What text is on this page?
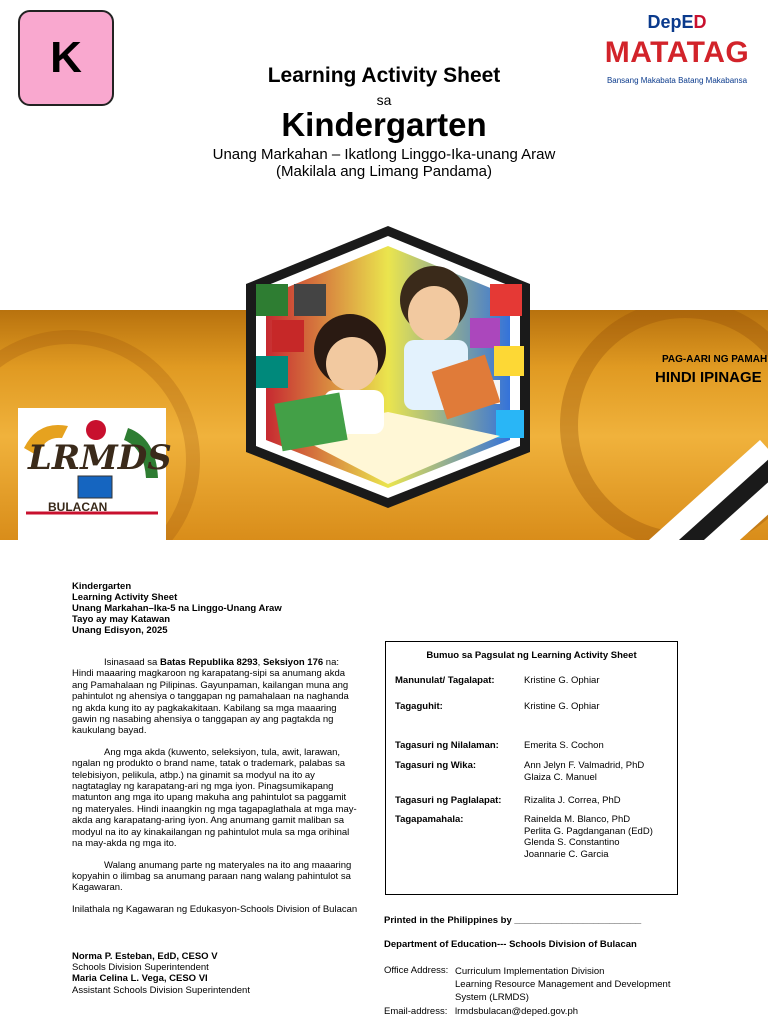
K	Learning Activity Sheet
sa
Kindergarten
Unang Markahan – Ikatlong Linggo-Ika-unang Araw
(Makilala ang Limang Pandama)
DepED
MATATAG
Bansang Makabata Batang Makabansa
PAG-AARI NG PAMAH
HINDI IPINAGE
LRMDS
BULACAN
Kindergarten
Learning Activity Sheet
Unang Markahan–Ika-5 na Linggo-Unang Araw
Tayo ay may Katawan
Unang Edisyon, 2025

Isinasaad sa Batas Republika 8293, Seksiyon 176 na: Hindi maaaring magkaroon ng karapatang-sipi sa anumang akda ang Pamahalaan ng Pilipinas. Gayunpaman, kailangan muna ang pahintulot ng ahensiya o tanggapan ng pamahalaan na naghanda ng akda kung ito ay pagkakakitaan. Kabilang sa mga maaaring gawin ng nasabing ahensiya o tanggapan ay ang pagtakda ng kaukulang bayad.

Ang mga akda (kuwento, seleksiyon, tula, awit, larawan, ngalan ng produkto o brand name, tatak o trademark, palabas sa telebisiyon, pelikula, atbp.) na ginamit sa modyul na ito ay nagtataglay ng karapatang-ari ng mga iyon. Pinagsumikapang matunton ang mga ito upang makuha ang pahintulot sa paggamit ng materyales. Hindi inaangkin ng mga tagapaglathala at mga may-akda ang karapatang-aring iyon. Ang anumang gamit maliban sa modyul na ito ay kinakailangan ng pahintulot mula sa mga orihinal na may-akda ng mga ito.

Walang anumang parte ng materyales na ito ang maaaring kopyahin o ilimbag sa anumang paraan nang walang pahintulot sa Kagawaran.

Inilathala ng Kagawaran ng Edukasyon-Schools Division of Bulacan

Norma P. Esteban, EdD, CESO V
Schools Division Superintendent
Maria Celina L. Vega, CESO VI
Assistant Schools Division Superintendent
Bumuo sa Pagsulat ng Learning Activity Sheet
Manunulat/ Tagalapat:	Kristine G. Ophiar
Tagaguhit:	Kristine G. Ophiar
Tagasuri ng Nilalaman:	Emerita S. Cochon
Tagasuri ng Wika:	Ann Jelyn F. Valmadrid, PhD
Glaiza C. Manuel
Tagasuri ng Paglalapat: Rizalita J. Correa, PhD
Tagapamahala:	Rainelda M. Blanco, PhD
Perlita G. Pagdanganan (EdD)
Glenda S. Constantino
Joannarie C. Garcia
Printed in the Philippines by ________________________
Department of Education--- Schools Division of Bulacan
Office Address: Curriculum Implementation Division
Learning Resource Management and Development System (LRMDS)
Email-address: lrmdsbulacan@deped.gov.ph
